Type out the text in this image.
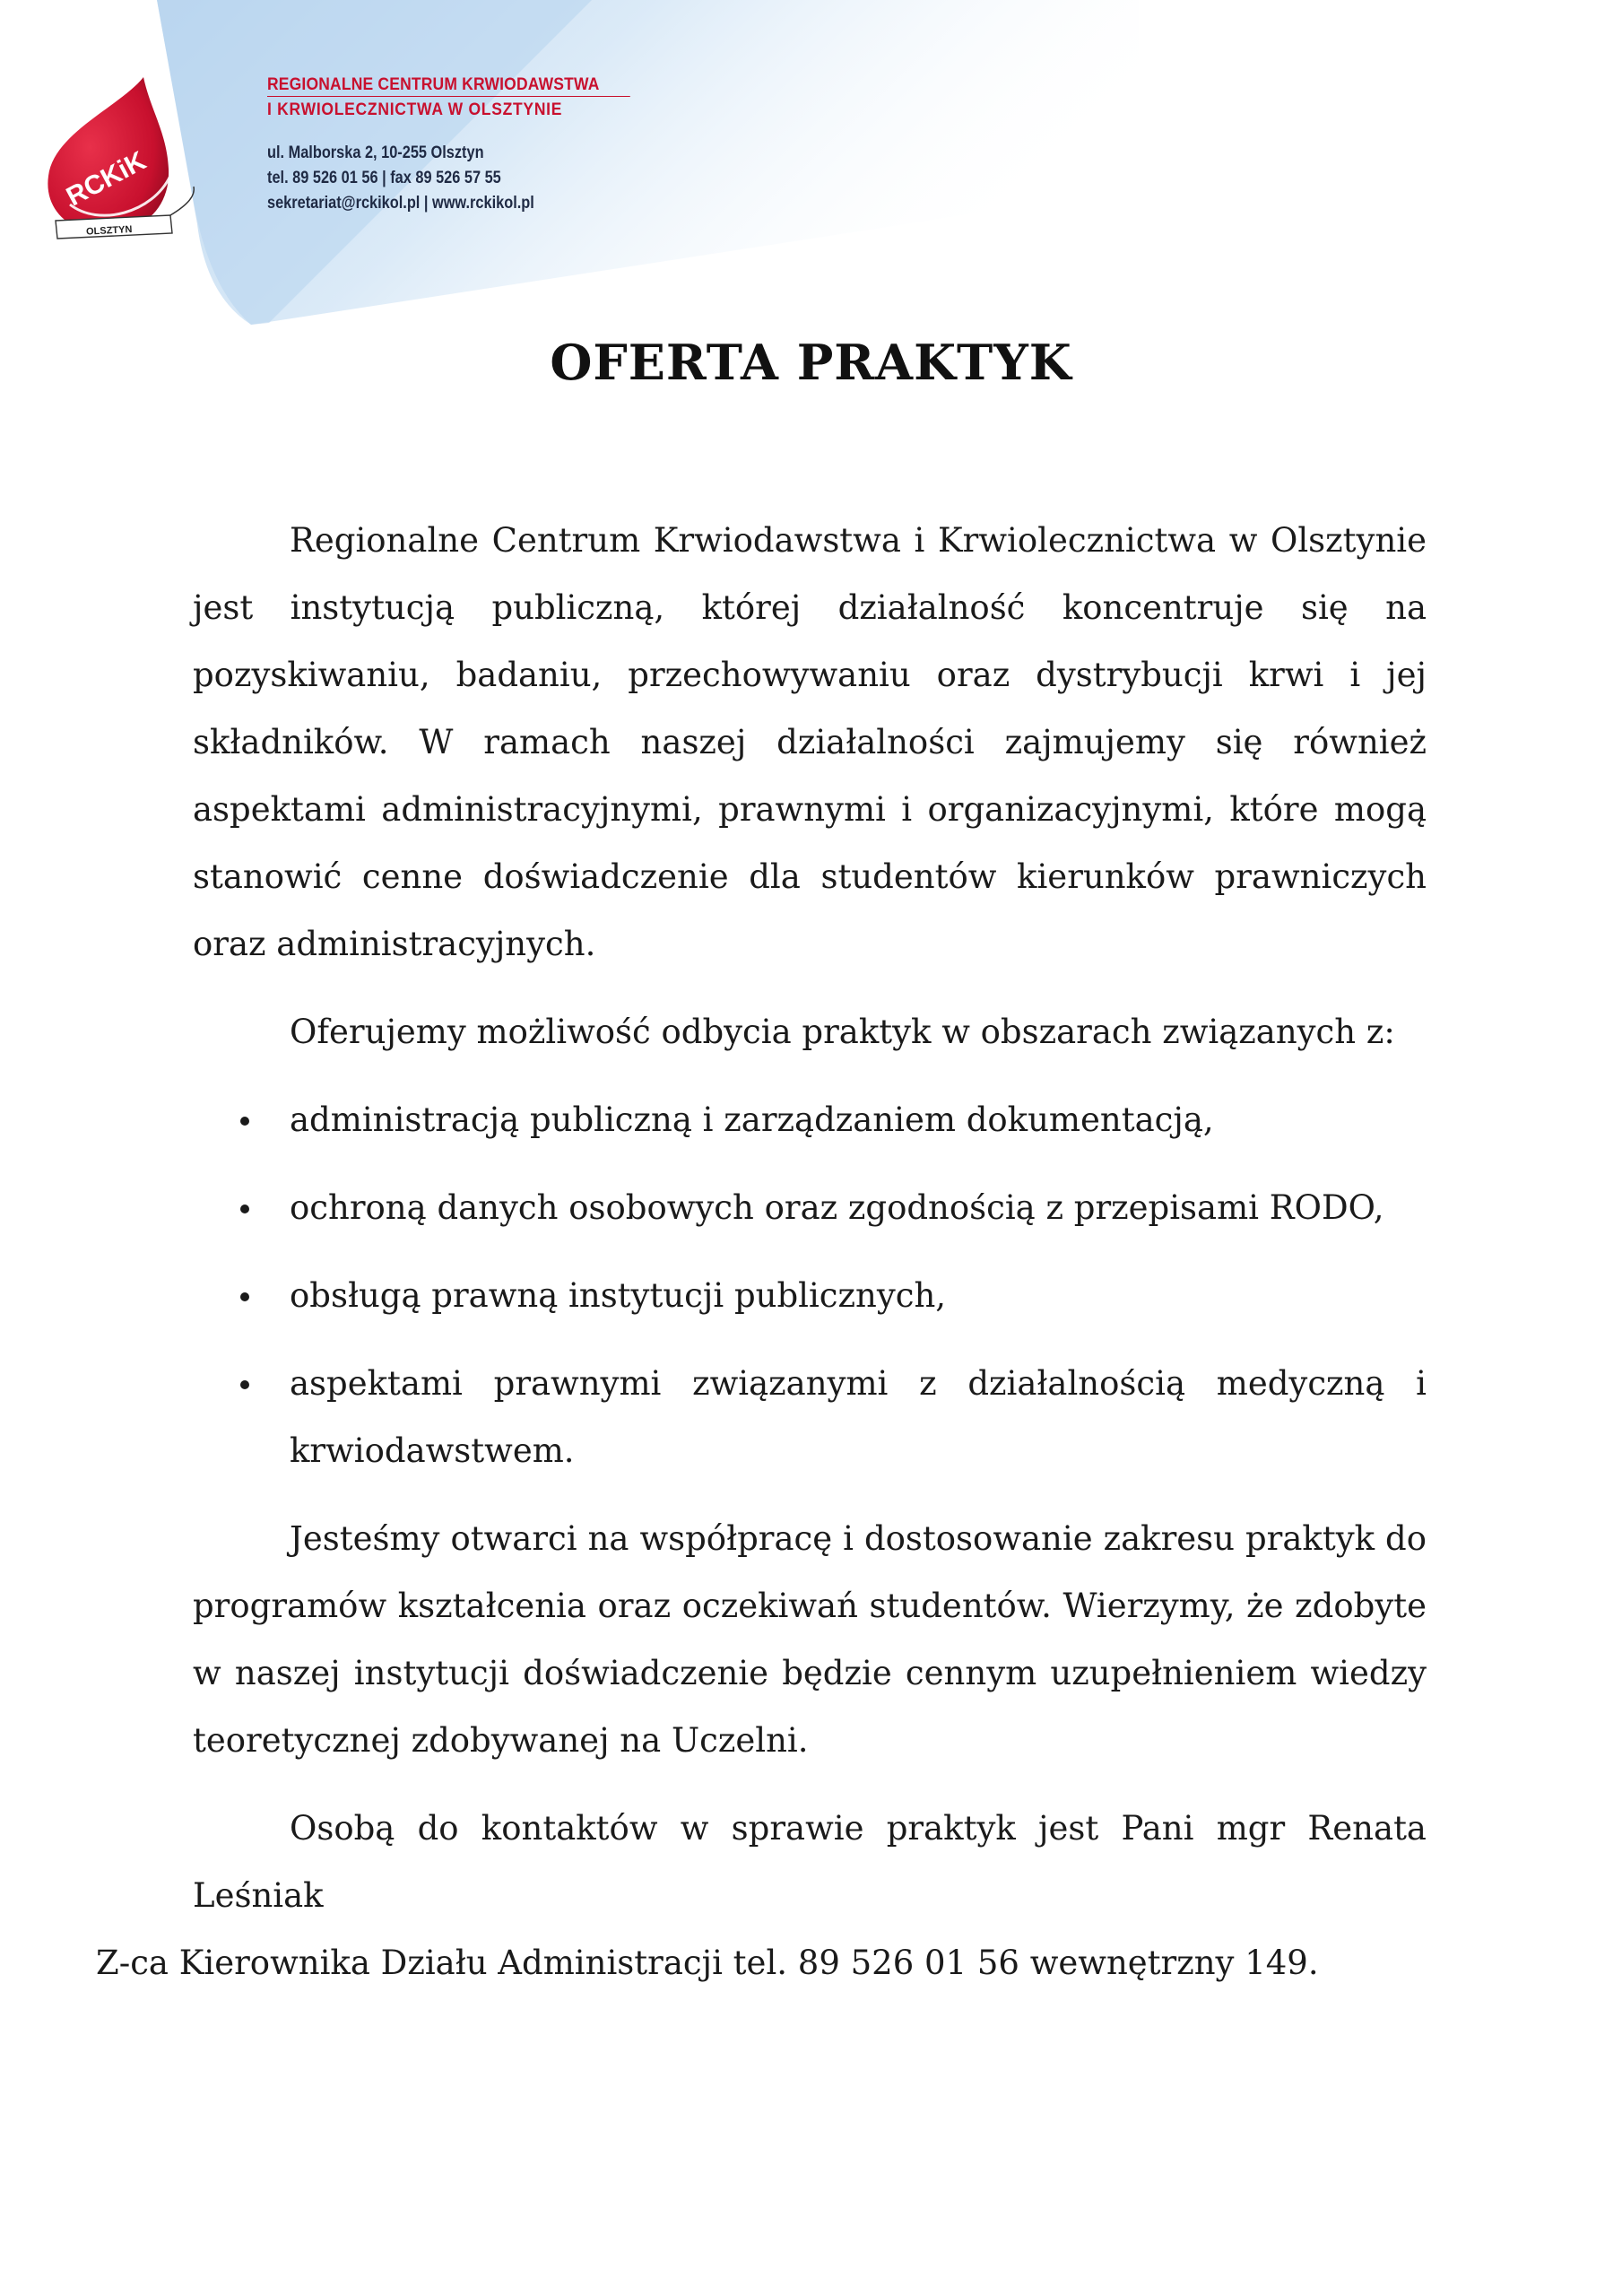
RCKiK
OLSZTYN
REGIONALNE CENTRUM KRWIODAWSTWA
I KRWIOLECZNICTWA W OLSZTYNIE
ul. Malborska 2, 10-255 Olsztyn
tel. 89 526 01 56 | fax 89 526 57 55
sekretariat@rckikol.pl | www.rckikol.pl
OFERTA PRAKTYK

Regionalne Centrum Krwiodawstwa i Krwiolecznictwa w Olsztynie jest instytucją publiczną, której działalność koncentruje się na pozyskiwaniu, badaniu, przechowywaniu oraz dystrybucji krwi i jej składników. W ramach naszej działalności zajmujemy się również aspektami administracyjnymi, prawnymi i organizacyjnymi, które mogą stanowić cenne doświadczenie dla studentów kierunków prawniczych oraz administracyjnych.

Oferujemy możliwość odbycia praktyk w obszarach związanych z:

administracją publiczną i zarządzaniem dokumentacją,
ochroną danych osobowych oraz zgodnością z przepisami RODO,
obsługą prawną instytucji publicznych,
aspektami prawnymi związanymi z działalnością medyczną i krwiodawstwem.

Jesteśmy otwarci na współpracę i dostosowanie zakresu praktyk do programów kształcenia oraz oczekiwań studentów. Wierzymy, że zdobyte w naszej instytucji doświadczenie będzie cennym uzupełnieniem wiedzy teoretycznej zdobywanej na Uczelni.

Osobą do kontaktów w sprawie praktyk jest Pani mgr Renata Leśniak
Z-ca Kierownika Działu Administracji tel. 89 526 01 56 wewnętrzny 149.
